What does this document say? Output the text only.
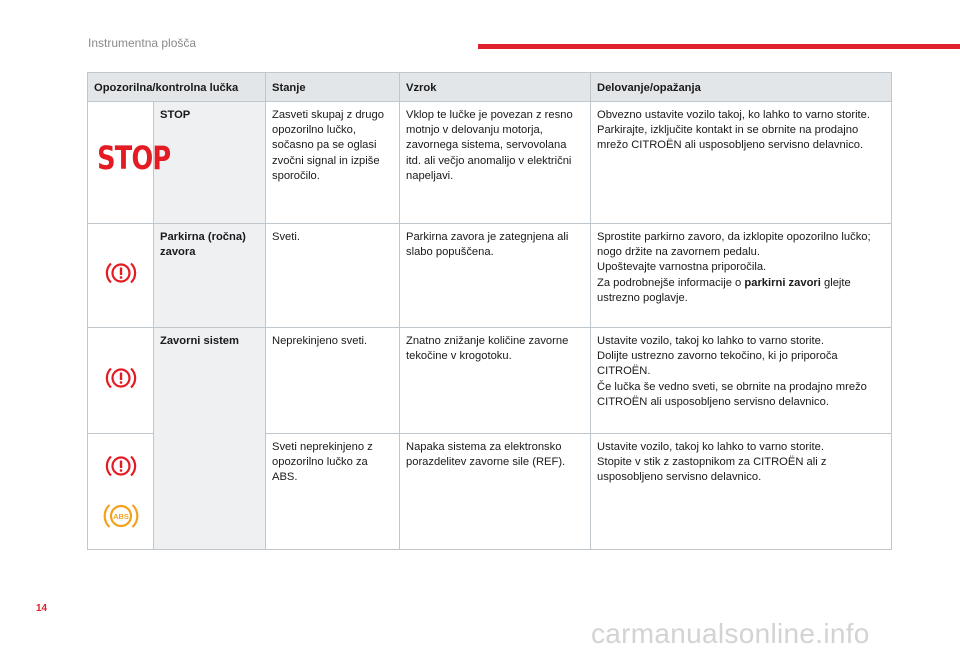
Instrumentna plošča
Opozorilna/kontrolna lučka		Stanje	Vzrok	Delovanje/opažanja
STOP	STOP	Zasveti skupaj z drugo opozorilno lučko, sočasno pa se oglasi zvočni signal in izpiše sporočilo.	Vklop te lučke je povezan z resno motnjo v delovanju motorja, zavornega sistema, servovolana itd. ali večjo anomalijo v električni napeljavi.	Obvezno ustavite vozilo takoj, ko lahko to varno storite. Parkirajte, izključite kontakt in se obrnite na prodajno mrežo CITROËN ali usposobljeno servisno delavnico.
	Parkirna (ročna) zavora	Sveti.	Parkirna zavora je zategnjena ali slabo popuščena.	Sprostite parkirno zavoro, da izklopite opozorilno lučko; nogo držite na zavornem pedalu.
Upoštevajte varnostna priporočila.
Za podrobnejše informacije o parkirni zavori glejte ustrezno poglavje.

	Zavorni sistem	Neprekinjeno sveti.	Znatno znižanje količine zavorne tekočine v krogotoku.	Ustavite vozilo, takoj ko lahko to varno storite.
Dolijte ustrezno zavorno tekočino, ki jo priporoča CITROËN.
Če lučka še vedno sveti, se obrnite na prodajno mrežo CITROËN ali usposobljeno servisno delavnico.

ABS		Sveti neprekinjeno z opozorilno lučko za ABS.	Napaka sistema za elektronsko porazdelitev zavorne sile (REF).	Ustavite vozilo, takoj ko lahko to varno storite.
Stopite v stik z zastopnikom za CITROËN ali z usposobljeno servisno delavnico.
14
carmanualsonline.info
